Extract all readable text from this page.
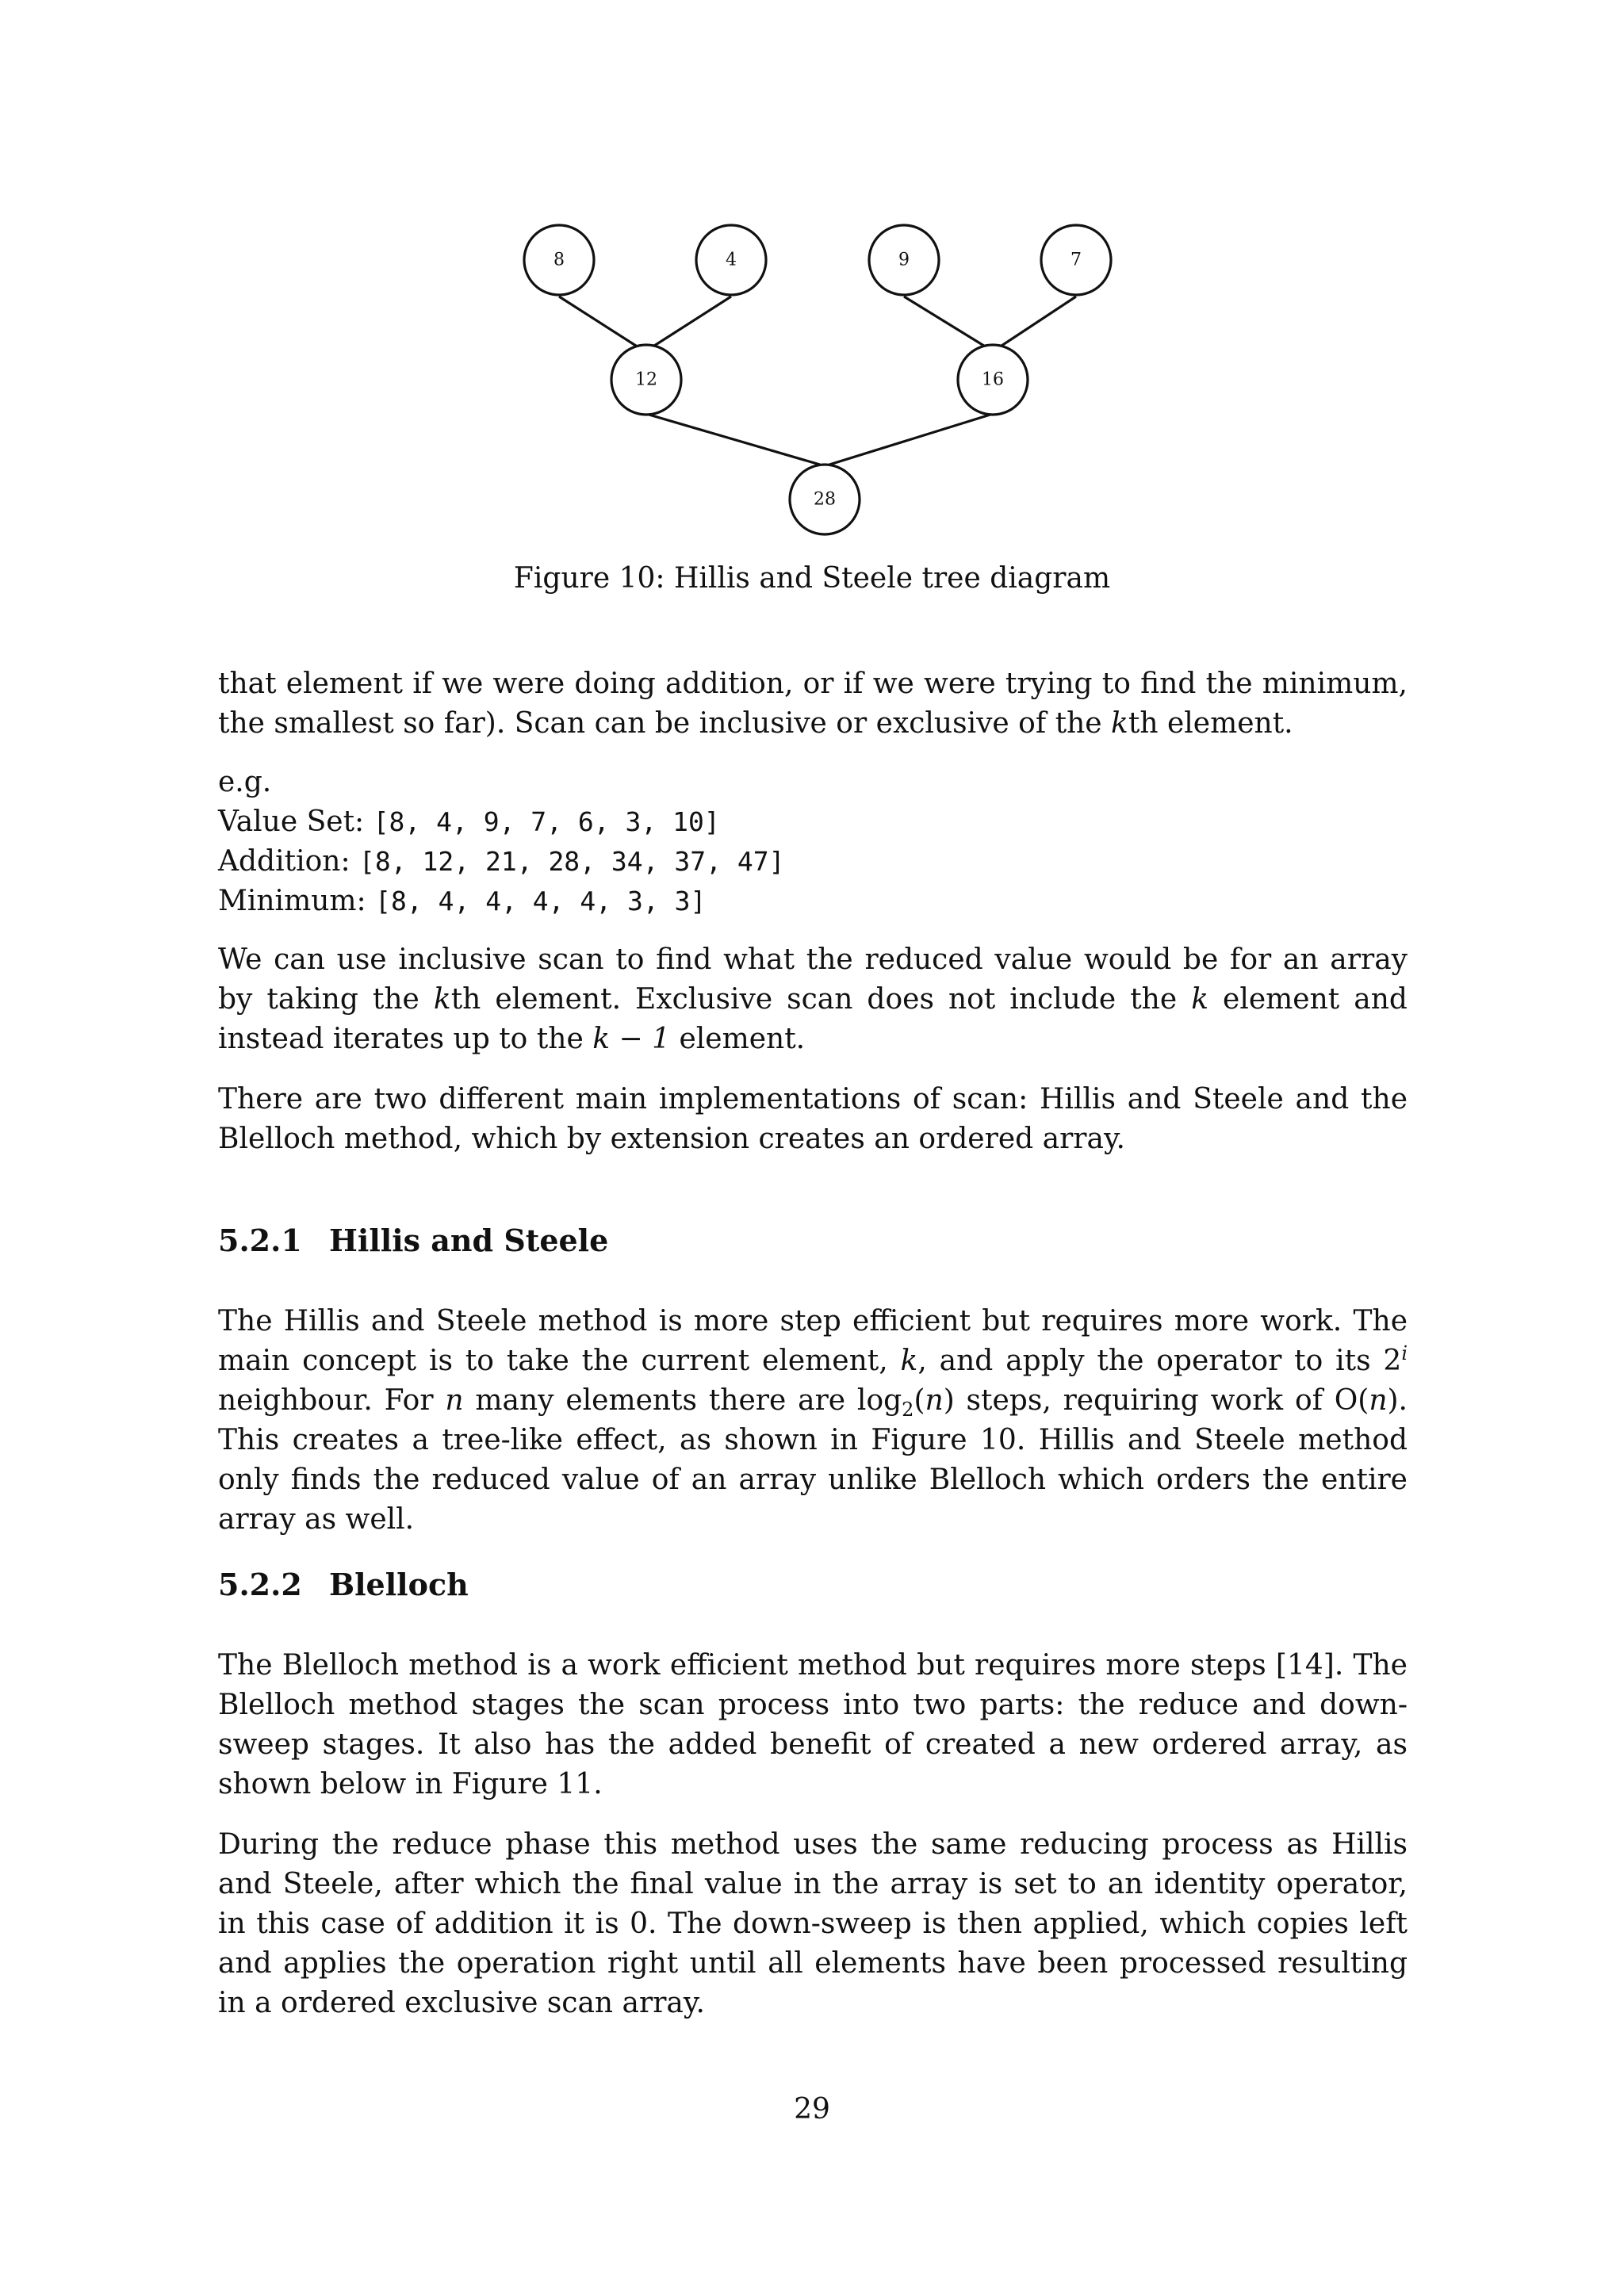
8	4	9	7
12	16
28
Figure 10: Hillis and Steele tree diagram

that element if we were doing addition, or if we were trying to find the minimum, the smallest so far). Scan can be inclusive or exclusive of the kth element.

e.g.
Value Set: [8, 4, 9, 7, 6, 3, 10]
Addition: [8, 12, 21, 28, 34, 37, 47]
Minimum: [8, 4, 4, 4, 4, 3, 3]

We can use inclusive scan to find what the reduced value would be for an array by taking the kth element. Exclusive scan does not include the k element and instead iterates up to the k − 1 element.

There are two different main implementations of scan: Hillis and Steele and the Blelloch method, which by extension creates an ordered array.

5.2.1 Hillis and Steele

The Hillis and Steele method is more step efficient but requires more work. The main concept is to take the current element, k, and apply the operator to its 2$^i$ neighbour. For n many elements there are $\log_2(n)$ steps, requiring work of O(n). This creates a tree-like effect, as shown in Figure 10. Hillis and Steele method only finds the reduced value of an array unlike Blelloch which orders the entire array as well.

5.2.2 Blelloch

The Blelloch method is a work efficient method but requires more steps [14]. The Blelloch method stages the scan process into two parts: the reduce and down-sweep stages. It also has the added benefit of created a new ordered array, as shown below in Figure 11.

During the reduce phase this method uses the same reducing process as Hillis and Steele, after which the final value in the array is set to an identity operator, in this case of addition it is 0. The down-sweep is then applied, which copies left and applies the operation right until all elements have been processed resulting in a ordered exclusive scan array.

29
